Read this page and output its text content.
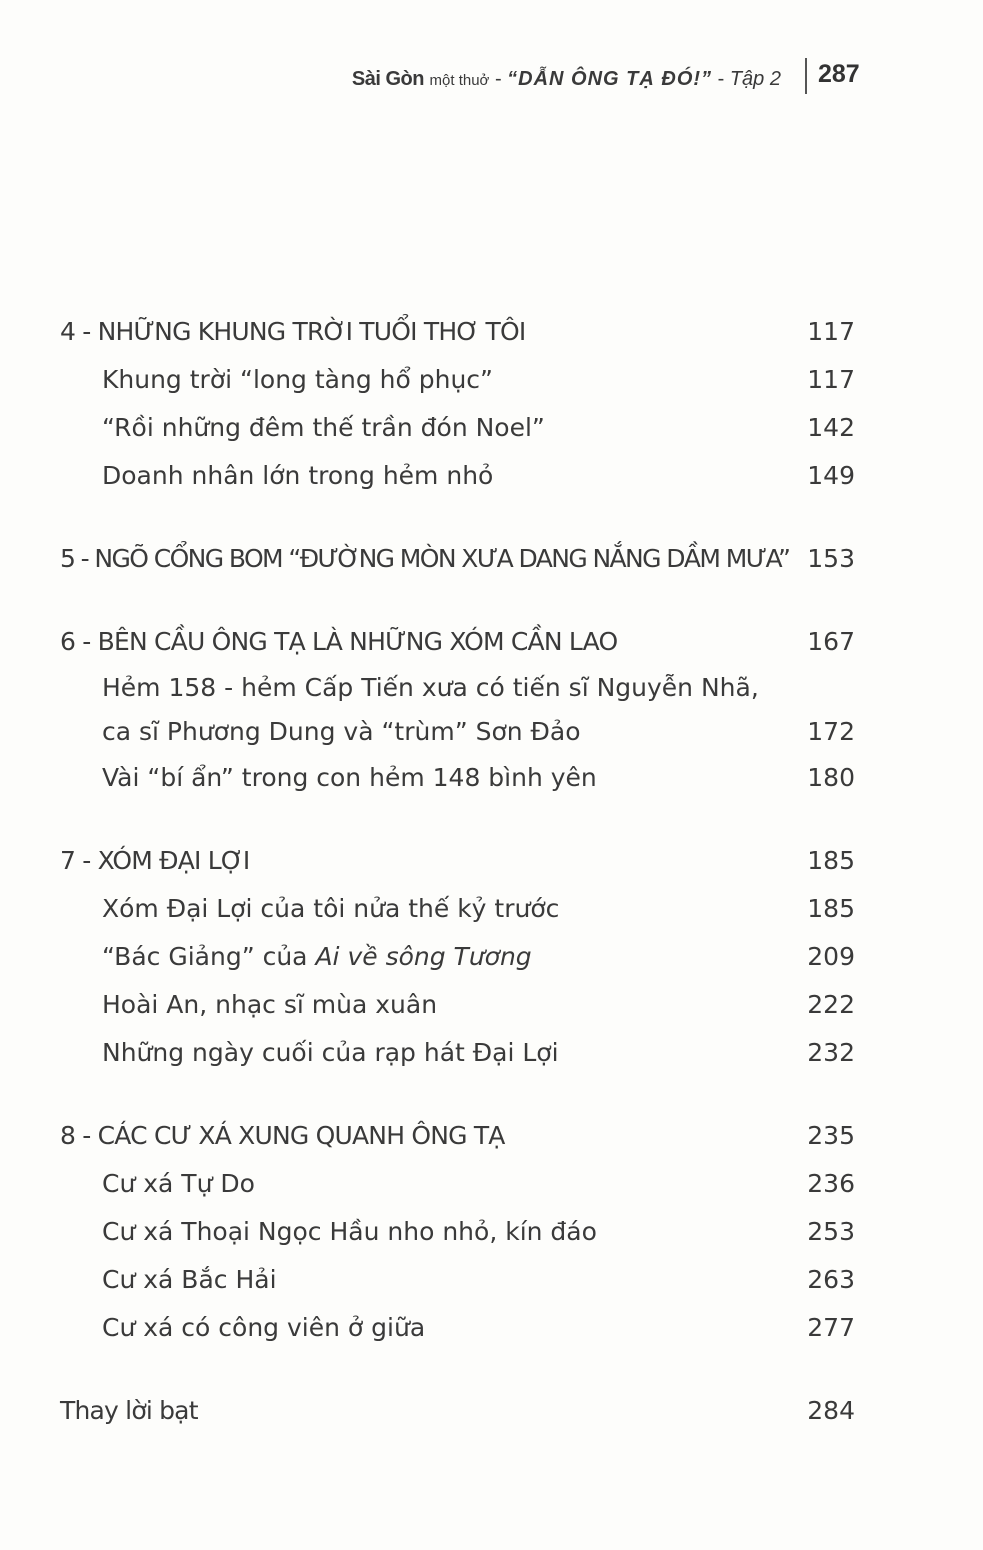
Sài Gòn một thuở - “DẪN ÔNG TẠ ĐÓ!” - Tập 2 287
4 - NHỮNG KHUNG TRỜI TUỔI THƠ TÔI	117
Khung trời “long tàng hổ phục”	117
“Rồi những đêm thế trần đón Noel”	142
Doanh nhân lớn trong hẻm nhỏ	149
5 - NGÕ CỔNG BOM “ĐƯỜNG MÒN XƯA DANG NẮNG DẦM MƯA” 153
6 - BÊN CẦU ÔNG TẠ LÀ NHỮNG XÓM CẦN LAO	167
Hẻm 158 - hẻm Cấp Tiến xưa có tiến sĩ Nguyễn Nhã,
ca sĩ Phương Dung và “trùm” Sơn Đảo	172
Vài “bí ẩn” trong con hẻm 148 bình yên	180
7 - XÓM ĐẠI LỢI	185
Xóm Đại Lợi của tôi nửa thế kỷ trước	185
“Bác Giảng” của Ai về sông Tương	209
Hoài An, nhạc sĩ mùa xuân	222
Những ngày cuối của rạp hát Đại Lợi	232
8 - CÁC CƯ XÁ XUNG QUANH ÔNG TẠ	235
Cư xá Tự Do	236
Cư xá Thoại Ngọc Hầu nho nhỏ, kín đáo	253
Cư xá Bắc Hải	263
Cư xá có công viên ở giữa	277
Thay lời bạt	284
